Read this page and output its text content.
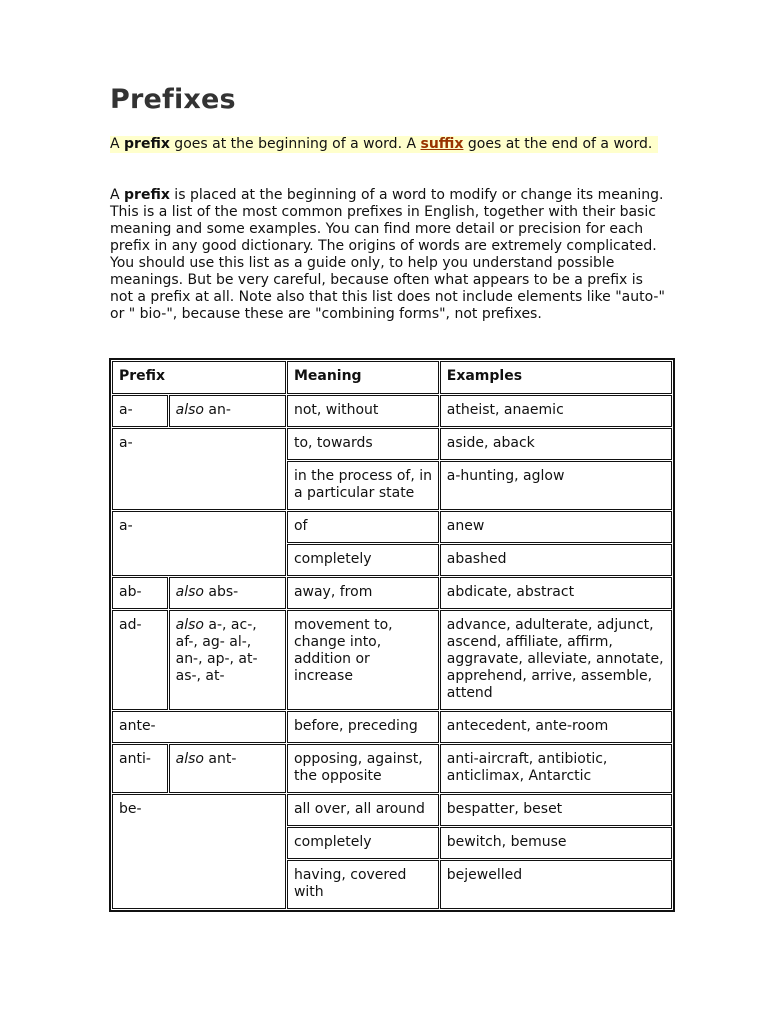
Prefixes
A prefix goes at the beginning of a word. A suffix goes at the end of a word.

A prefix is placed at the beginning of a word to modify or change its meaning. This is a list of the most common prefixes in English, together with their basic meaning and some examples. You can find more detail or precision for each prefix in any good dictionary. The origins of words are extremely complicated. You should use this list as a guide only, to help you understand possible meanings. But be very careful, because often what appears to be a prefix is not a prefix at all. Note also that this list does not include elements like "auto-" or " bio-", because these are "combining forms", not prefixes.

Prefix		Meaning	Examples
a-	also an-	not, without	atheist, anaemic
a-		to, towards	aside, aback
		in the process of, in a particular state	a-hunting, aglow
a-		of	anew
		completely	abashed
ab-	also abs-	away, from	abdicate, abstract
ad-	also a-, ac-, af-, ag- al-, an-, ap-, at- as-, at-	movement to, change into, addition or increase	advance, adulterate, adjunct, ascend, affiliate, affirm, aggravate, alleviate, annotate, apprehend, arrive, assemble, attend
ante-		before, preceding	antecedent, ante-room
anti-	also ant-	opposing, against, the opposite	anti-aircraft, antibiotic, anticlimax, Antarctic
be-		all over, all around	bespatter, beset
		completely	bewitch, bemuse
		having, covered with	bejewelled
